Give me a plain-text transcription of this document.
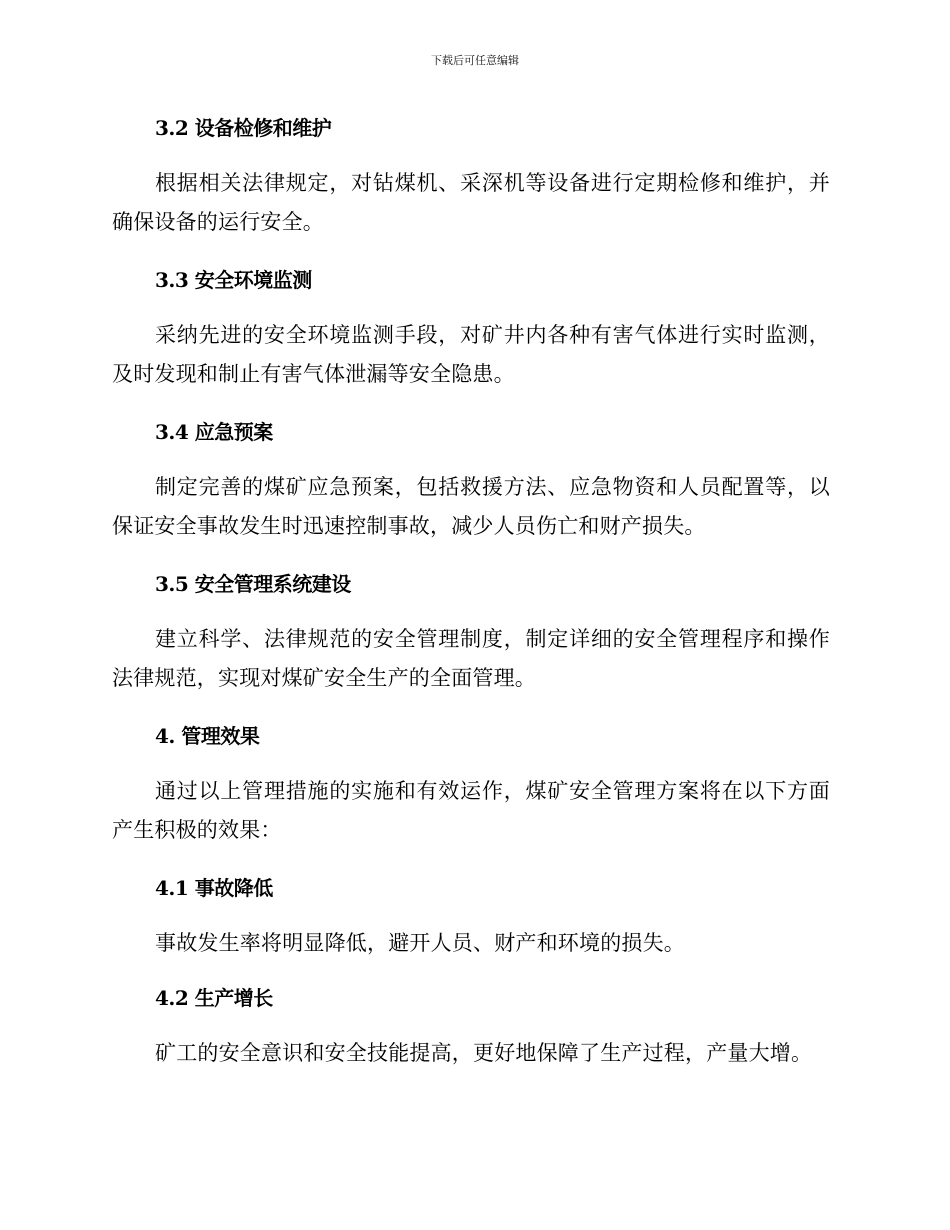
下载后可任意编辑
3.2 设备检修和维护
根据相关法律规定，对钻煤机、采深机等设备进行定期检修和维护，并确保设备的运行安全。
3.3 安全环境监测
采纳先进的安全环境监测手段，对矿井内各种有害气体进行实时监测，及时发现和制止有害气体泄漏等安全隐患。
3.4 应急预案
制定完善的煤矿应急预案，包括救援方法、应急物资和人员配置等，以保证安全事故发生时迅速控制事故，减少人员伤亡和财产损失。
3.5 安全管理系统建设
建立科学、法律规范的安全管理制度，制定详细的安全管理程序和操作法律规范，实现对煤矿安全生产的全面管理。
4. 管理效果
通过以上管理措施的实施和有效运作，煤矿安全管理方案将在以下方面产生积极的效果：
4.1 事故降低
事故发生率将明显降低，避开人员、财产和环境的损失。
4.2 生产增长
矿工的安全意识和安全技能提高，更好地保障了生产过程，产量大增。
